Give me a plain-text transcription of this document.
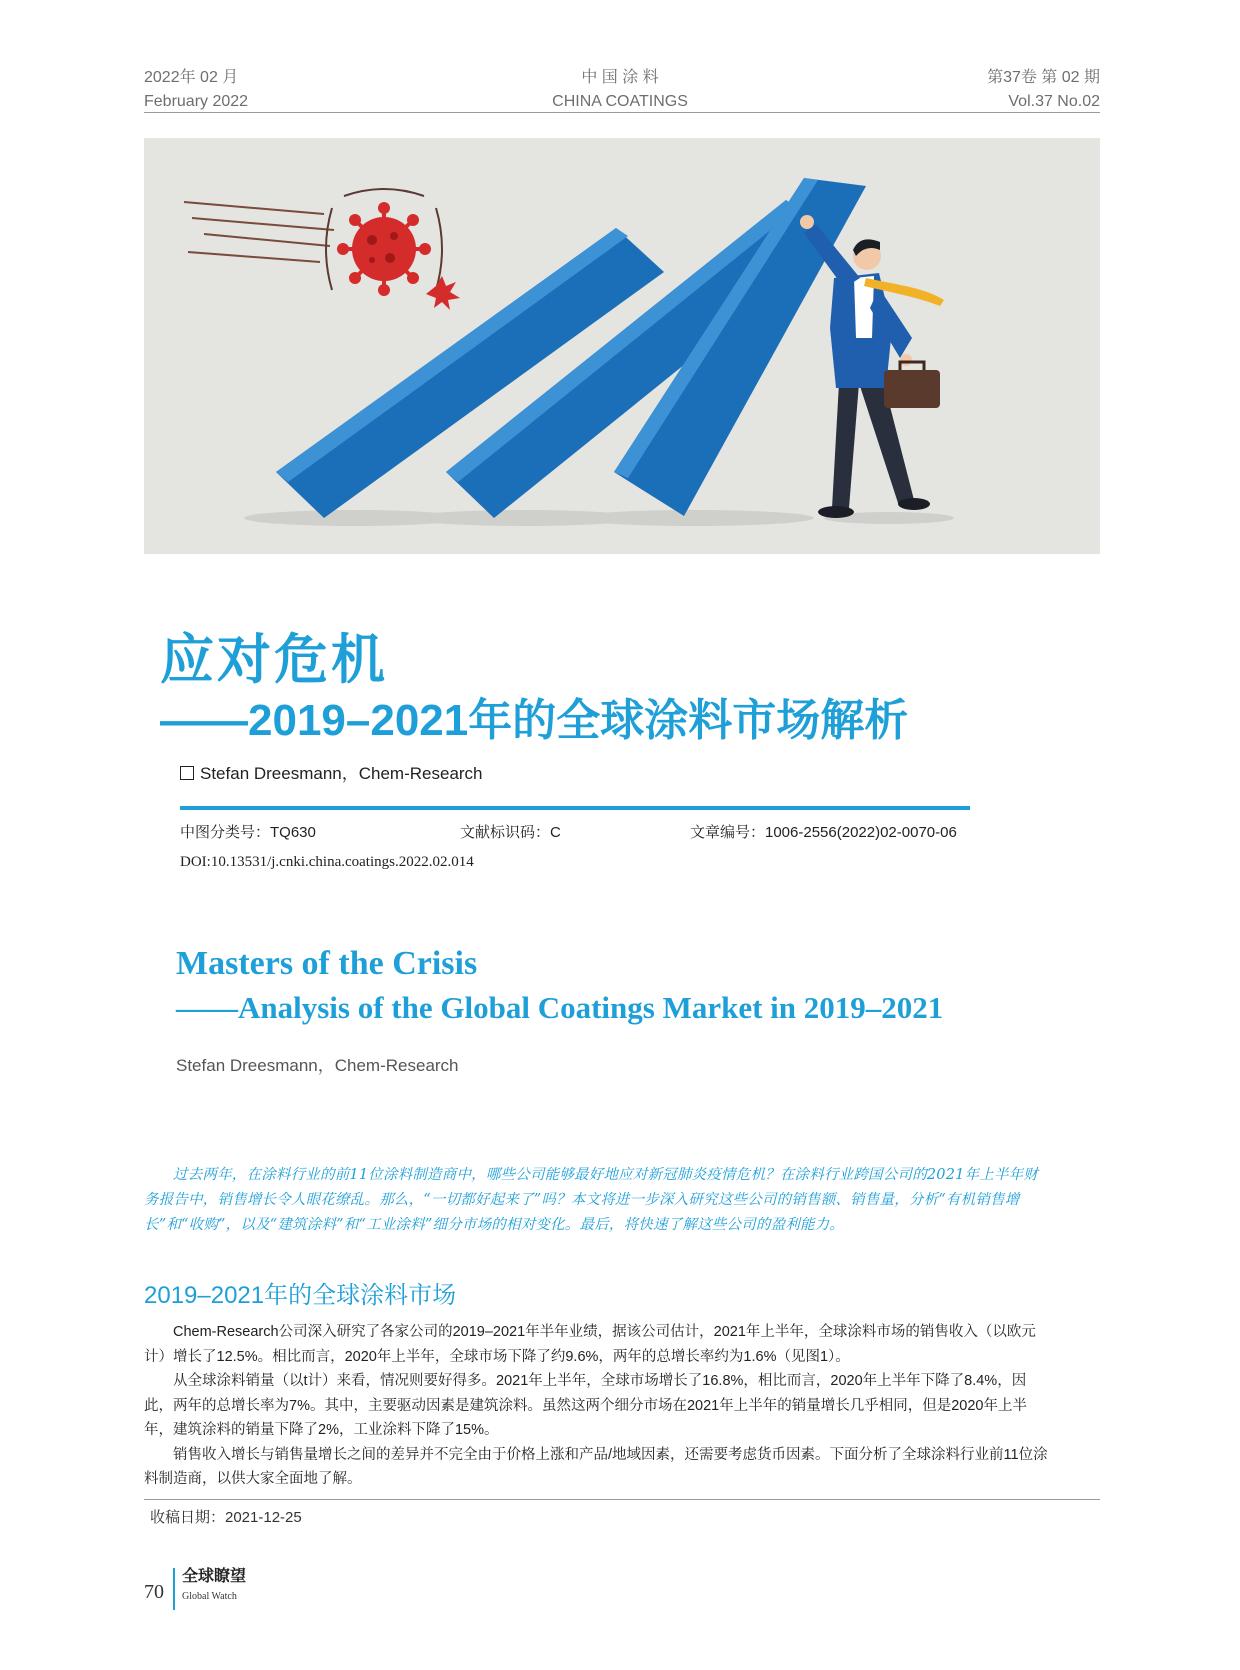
2022年 02 月
February 2022
中 国 涂 料
CHINA COATINGS
第37卷 第 02 期
Vol.37 No.02
应对危机
——2019–2021年的全球涂料市场解析
Stefan Dreesmann，Chem-Research
中图分类号：TQ630	文献标识码：C	文章编号：1006-2556(2022)02-0070-06
DOI:10.13531/j.cnki.china.coatings.2022.02.014
Masters of the Crisis
——Analysis of the Global Coatings Market in 2019–2021
Stefan Dreesmann，Chem-Research
过去两年，在涂料行业的前11位涂料制造商中，哪些公司能够最好地应对新冠肺炎疫情危机？在涂料行业跨国公司的2021年上半年财务报告中，销售增长令人眼花缭乱。那么，“一切都好起来了”吗？本文将进一步深入研究这些公司的销售额、销售量，分析“有机销售增长”和“收购”，以及“建筑涂料”和“工业涂料”细分市场的相对变化。最后，将快速了解这些公司的盈利能力。
2019–2021年的全球涂料市场

Chem-Research公司深入研究了各家公司的2019–2021年半年业绩，据该公司估计，2021年上半年，全球涂料市场的销售收入（以欧元计）增长了12.5%。相比而言，2020年上半年，全球市场下降了约9.6%，两年的总增长率约为1.6%（见图1）。

从全球涂料销量（以t计）来看，情况则要好得多。2021年上半年，全球市场增长了16.8%，相比而言，2020年上半年下降了8.4%，因此，两年的总增长率为7%。其中，主要驱动因素是建筑涂料。虽然这两个细分市场在2021年上半年的销量增长几乎相同，但是2020年上半年，建筑涂料的销量下降了2%，工业涂料下降了15%。

销售收入增长与销售量增长之间的差异并不完全由于价格上涨和产品/地域因素，还需要考虑货币因素。下面分析了全球涂料行业前11位涂料制造商，以供大家全面地了解。

收稿日期：2021-12-25
70
全球瞭望
Global Watch
